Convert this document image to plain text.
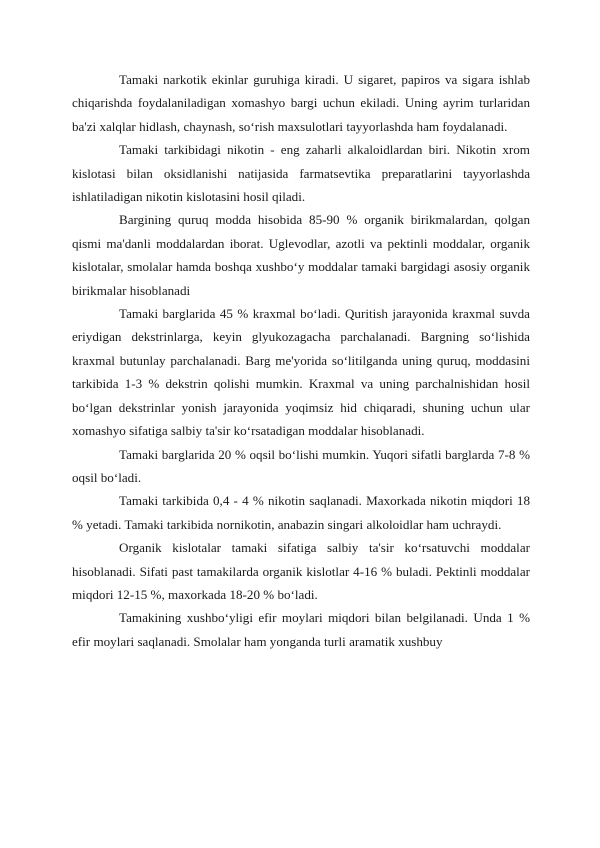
Tamaki narkotik ekinlar guruhiga kiradi. U sigaret, papiros va sigara ishlab chiqarishda foydalaniladigan xomashyo bargi uchun ekiladi. Uning ayrim turlaridan ba'zi xalqlar hidlash, chaynash, so‘rish maxsulotlari tayyorlashda ham foydalanadi.

Tamaki tarkibidagi nikotin - eng zaharli alkaloidlardan biri. Nikotin xrom kislotasi bilan oksidlanishi natijasida farmatsevtika preparatlarini tayyorlashda ishlatiladigan nikotin kislotasini hosil qiladi.

Bargining quruq modda hisobida 85-90 % organik birikmalardan, qolgan qismi ma'danli moddalardan iborat. Uglevodlar, azotli va pektinli moddalar, organik kislotalar, smolalar hamda boshqa xushbo‘y moddalar tamaki bargidagi asosiy organik birikmalar hisoblanadi

Tamaki barglarida 45 % kraxmal bo‘ladi. Quritish jarayonida kraxmal suvda eriydigan dekstrinlarga, keyin glyukozagacha parchalanadi. Bargning so‘lishida kraxmal butunlay parchalanadi. Barg me'yorida so‘litilganda uning quruq, moddasini tarkibida 1-3 % dekstrin qolishi mumkin. Kraxmal va uning parchalnishidan hosil bo‘lgan dekstrinlar yonish jarayonida yoqimsiz hid chiqaradi, shuning uchun ular xomashyo sifatiga salbiy ta'sir ko‘rsatadigan moddalar hisoblanadi.

Tamaki barglarida 20 % oqsil bo‘lishi mumkin. Yuqori sifatli barglarda 7-8 % oqsil bo‘ladi.

Tamaki tarkibida 0,4 - 4 % nikotin saqlanadi. Maxorkada nikotin miqdori 18 % yetadi. Tamaki tarkibida nornikotin, anabazin singari alkoloidlar ham uchraydi.

Organik kislotalar tamaki sifatiga salbiy ta'sir ko‘rsatuvchi moddalar hisoblanadi. Sifati past tamakilarda organik kislotlar 4-16 % buladi. Pektinli moddalar miqdori 12-15 %, maxorkada 18-20 % bo‘ladi.

Tamakining xushbo‘yligi efir moylari miqdori bilan belgilanadi. Unda 1 % efir moylari saqlanadi. Smolalar ham yonganda turli aramatik xushbuy
